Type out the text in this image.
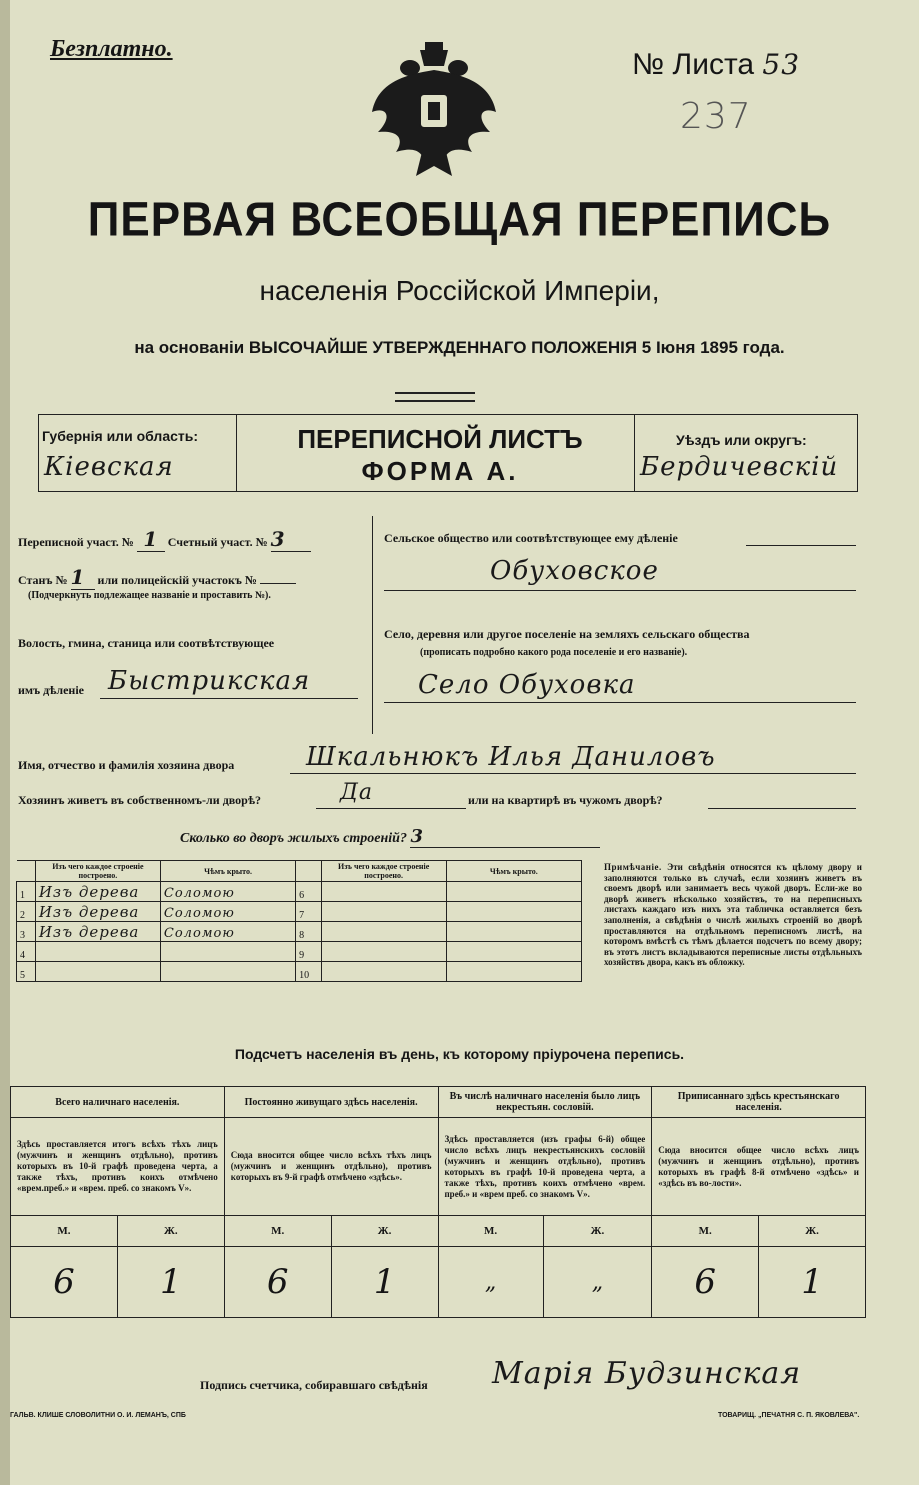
Безплатно.	№ Листа 53
237
ПЕРВАЯ ВСЕОБЩАЯ ПЕРЕПИСЬ
населенія Россійской Имперіи,
на основаніи ВЫСОЧАЙШЕ УТВЕРЖДЕННАГО ПОЛОЖЕНІЯ 5 Іюня 1895 года.
Губернія или область:
Кіевская
ПЕРЕПИСНОЙ ЛИСТЪ
ФОРМА А.
Уѣздъ или округъ:
Бердичевскій
Переписной участ. № 1 Счетный участ. № 3
Станъ № 1 или полицейскій участокъ №
(Подчеркнуть подлежащее названіе и проставить №).
Волость, гмина, станица или соотвѣтствующее
имъ дѣленіе Быстрикская
Сельское общество или соотвѣтствующее ему дѣленіе
Обуховское
Село, деревня или другое поселеніе на земляхъ сельскаго общества
(прописать подробно какого рода поселеніе и его названіе).
Село Обуховка
Имя, отчество и фамилія хозяина двора	Шкальнюкъ Илья Даниловъ
Хозяинъ живетъ въ собственномъ-ли дворѣ?	Да	или на квартирѣ въ чужомъ дворѣ?
Сколько во дворъ жилыхъ строеній? 3
	Изъ чего каждое строеніе построено.	Чѣмъ крыто.		Изъ чего каждое строеніе построено.	Чѣмъ крыто.
1	Изъ дерева	Соломою	6		
2	Изъ дерева	Соломою	7		
3	Изъ дерева	Соломою	8		
4			9		
5			10		
Примѣчаніе. Эти свѣдѣнія относятся къ цѣлому двору и заполняются только въ случаѣ, если хозяинъ живетъ въ своемъ дворѣ или занимаетъ весь чужой дворъ. Если-же во дворѣ живетъ нѣсколько хозяйствъ, то на переписныхъ листахъ каждаго изъ нихъ эта табличка оставляется безъ заполненія, а свѣдѣнія о числѣ жилыхъ строеній во дворѣ проставляются на отдѣльномъ переписномъ листѣ, на которомъ вмѣстѣ съ тѣмъ дѣлается подсчетъ по всему двору; въ этотъ листъ вкладываются переписные листы отдѣльныхъ хозяйствъ двора, какъ въ обложку.
Подсчетъ населенія въ день, къ которому пріурочена перепись.
Всего наличнаго населенія.		Постоянно живущаго здѣсь населенія.		Въ числѣ наличнаго населенія было лицъ некрестьян. сословій.		Приписаннаго здѣсь крестьянскаго населенія.	
Здѣсь проставляется итогъ всѣхъ тѣхъ лицъ (мужчинъ и женщинъ отдѣльно), противъ которыхъ въ 10-й графѣ проведена черта, а также тѣхъ, противъ коихъ отмѣчено «врем.преб.» и «врем. преб. со знакомъ V».		Сюда вносится общее число всѣхъ тѣхъ лицъ (мужчинъ и женщинъ отдѣльно), противъ которыхъ въ 9-й графѣ отмѣчено «здѣсь».		Здѣсь проставляется (изъ графы 6-й) общее число всѣхъ лицъ некрестьянскихъ сословій (мужчинъ и женщинъ отдѣльно), противъ которыхъ въ графѣ 10-й проведена черта, а также тѣхъ, противъ коихъ отмѣчено «врем. преб.» и «врем преб. со знакомъ V».		Сюда вносится общее число всѣхъ лицъ (мужчинъ и женщинъ отдѣльно), противъ которыхъ въ графѣ 8-й отмѣчено «здѣсь» и «здѣсь въ во-лости».	
М.	Ж.	М.	Ж.	М.	Ж.	М.	Ж.
6	1	6	1	„	„	6	1
Подпись счетчика, собиравшаго свѣдѣнія Марія Будзинская
ГАЛЬВ. КЛИШЕ СЛОВОЛИТНИ О. И. ЛЕМАНЪ, СПБ	ТОВАРИЩ. „ПЕЧАТНЯ С. П. ЯКОВЛЕВА".
